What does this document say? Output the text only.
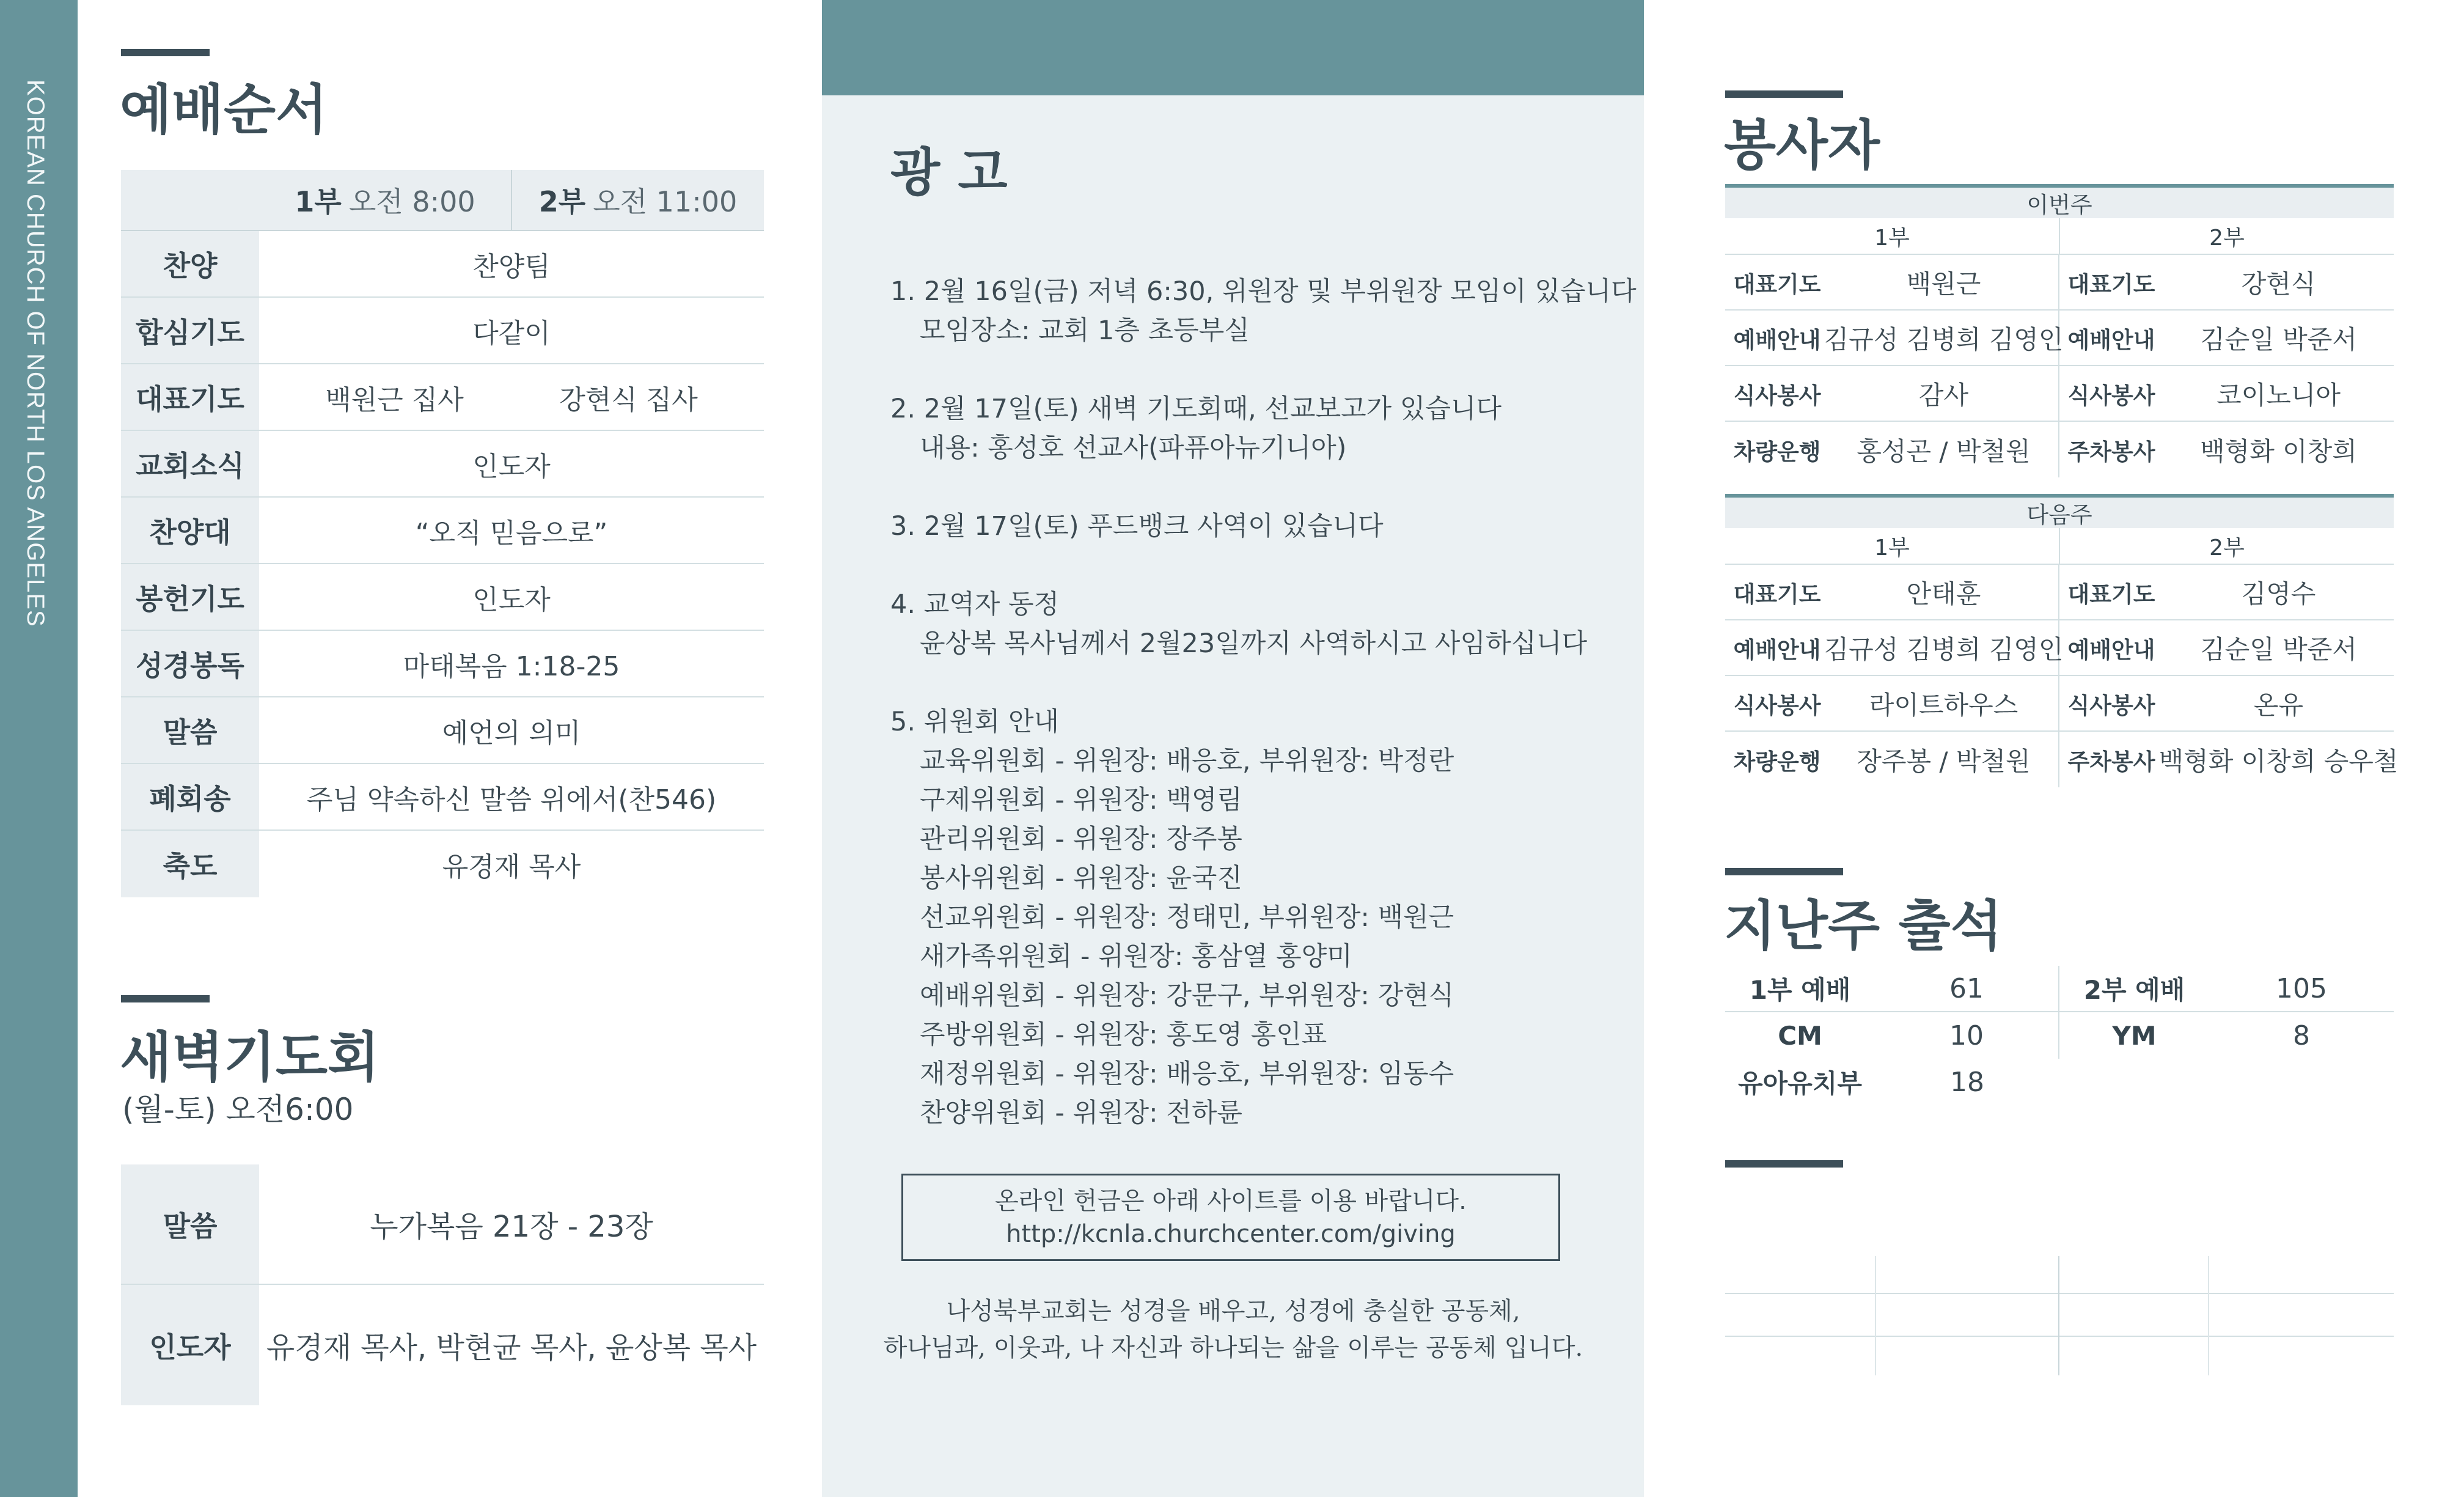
KOREAN CHURCH OF NORTH LOS ANGELES 예배순서
1부 오전 8:00 2부 오전 11:00
찬양	찬양팀
합심기도	다같이
대표기도	백원근 집사	강현식 집사
교회소식	인도자
찬양대	“오직 믿음으로”
봉헌기도	인도자
성경봉독	마태복음 1:18-25
말씀	예언의 의미
폐회송	주님 약속하신 말씀 위에서(찬546)
축도	유경재 목사
새벽기도회
(월-토) 오전6:00
말씀	누가복음 21장 - 23장
인도자	유경재 목사, 박현균 목사, 윤상복 목사
광 고
1. 2월 16일(금) 저녁 6:30, 위원장 및 부위원장 모임이 있습니다
모임장소: 교회 1층 초등부실
2. 2월 17일(토) 새벽 기도회때, 선교보고가 있습니다
내용: 홍성호 선교사(파퓨아뉴기니아)
3. 2월 17일(토) 푸드뱅크 사역이 있습니다
4. 교역자 동정
윤상복 목사님께서 2월23일까지 사역하시고 사임하십니다
5. 위원회 안내
교육위원회 - 위원장: 배응호, 부위원장: 박정란
구제위원회 - 위원장: 백영림
관리위원회 - 위원장: 장주봉
봉사위원회 - 위원장: 윤국진
선교위원회 - 위원장: 정태민, 부위원장: 백원근
새가족위원회 - 위원장: 홍삼열 홍양미
예배위원회 - 위원장: 강문구, 부위원장: 강현식
주방위원회 - 위원장: 홍도영 홍인표
재정위원회 - 위원장: 배응호, 부위원장: 임동수
찬양위원회 - 위원장: 전하륜
온라인 헌금은 아래 사이트를 이용 바랍니다.
http://kcnla.churchcenter.com/giving
나성북부교회는 성경을 배우고, 성경에 충실한 공동체,
하나님과, 이웃과, 나 자신과 하나되는 삶을 이루는 공동체 입니다.
봉사자
이번주
1부	2부
대표기도	백원근	대표기도	강현식
예배안내 김규성 김병희 김영인 예배안내	김순일 박준서
식사봉사	감사	식사봉사	코이노니아
차량운행	홍성곤 / 박철원	주차봉사	백형화 이창희
다음주
1부	2부
대표기도	안태훈	대표기도	김영수
예배안내 김규성 김병희 김영인 예배안내	김순일 박준서
식사봉사	라이트하우스	식사봉사	온유
차량운행	장주봉 / 박철원	주차봉사 백형화 이창희 승우철
지난주 출석
1부 예배	61	2부 예배	105
CM	10	YM	8
유아유치부	18
